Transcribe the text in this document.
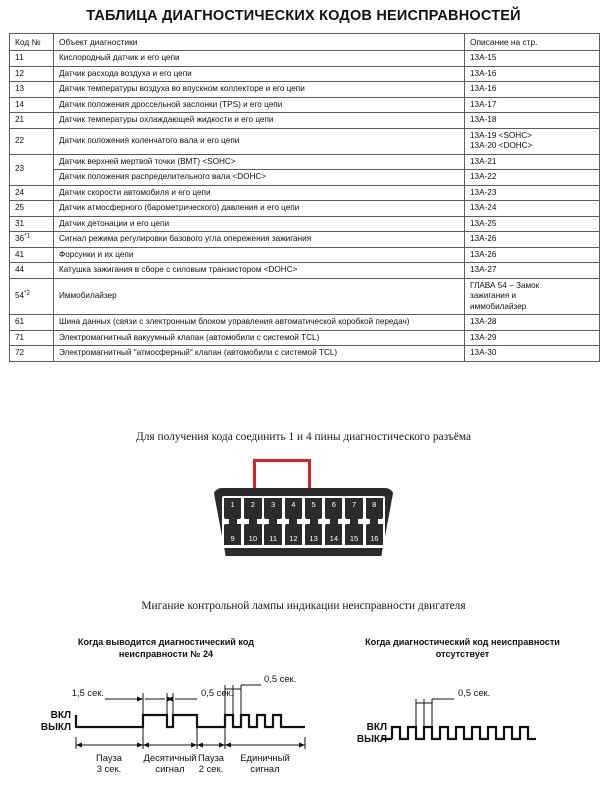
ТАБЛИЦА ДИАГНОСТИЧЕСКИХ КОДОВ НЕИСПРАВНОСТЕЙ
Код №	Объект диагностики	Описание на стр.
11	Кислородный датчик и его цепи	13A-15
12	Датчик расхода воздуха и его цепи	13A-16
13	Датчик температуры воздуха во впускном коллекторе и его цепи	13A-16
14	Датчик положения дроссельной заслонки (TPS) и его цепи	13A-17
21	Датчик температуры охлаждающей жидкости и его цепи	13A-18
22	Датчик положения коленчатого вала и его цепи	13A-19 <SOHC>
13A-20 <DOHC>

23	Датчик верхней мертвой точки (ВМТ) <SOHC>	13A-21
	Датчик положения распределительного вала <DOHC>	13A-22
24	Датчик скорости автомобиля и его цепи	13A-23
25	Датчик атмосферного (барометрического) давления и его цепи	13A-24
31	Датчик детонации и его цепи	13A-25
36$^{*1}$	Сигнал режима регулировки базового угла опережения зажигания	13A-26
41	Форсунки и их цепи	13A-26
44	Катушка зажигания в сборе с силовым транзистором <DOHC>	13A-27
54$^{*2}$	Иммобилайзер	ГЛАВА 54 – Замок
зажигания и
иммобилайзер

61	Шина данных (связи с электронным блоком управления автоматической коробкой передач)	13A-28
71	Электромагнитный вакуумный клапан (автомобили с системой TCL)	13A-29
72	Электромагнитный "атмосферный" клапан (автомобили с системой TCL)	13A-30
Для получения кода соединить 1 и 4 пины диагностического разъёма
1	2	3	4	5	6	7	8
9	10	11	12	13	14	15	16
Мигание контрольной лампы индикации неисправности двигателя
Когда выводится диагностический код
неисправности № 24
ВКЛ
ВЫКЛ
1,5 сек.	0,5 сек.
0,5 сек.
Пауза
3 сек.
Десятичный
сигнал
Пауза
2 сек.
Единичный
сигнал
Когда диагностический код неисправности
отсутствует
ВКЛ
ВЫКЛ
0,5 сек.
